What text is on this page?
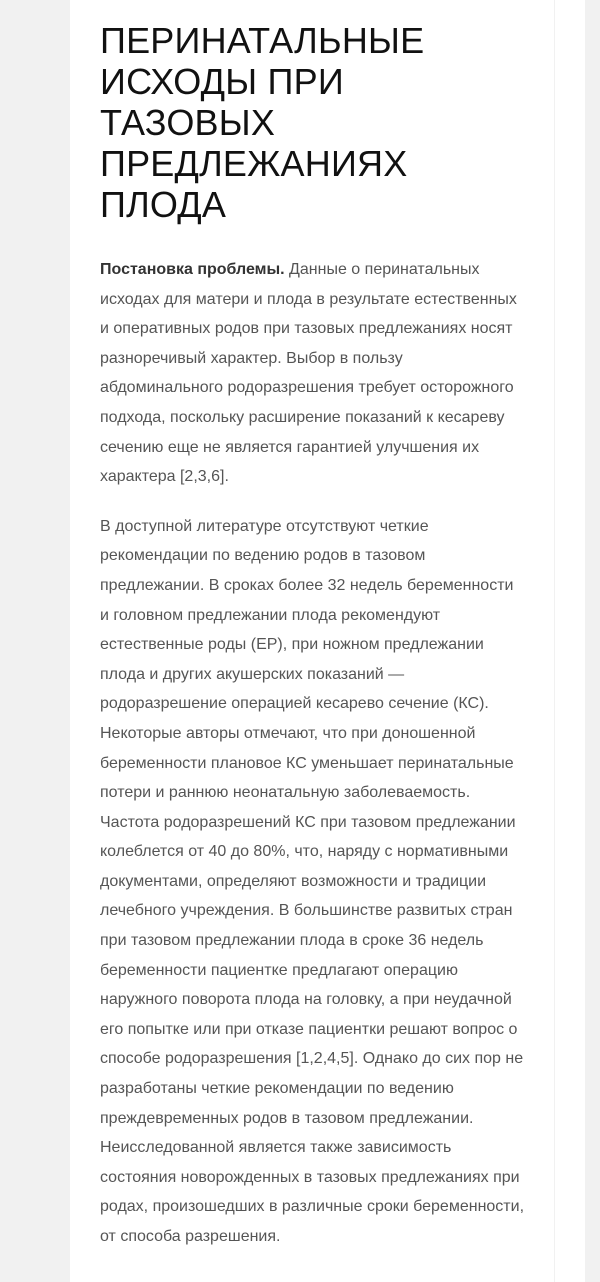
ПЕРИНАТАЛЬНЫЕ ИСХОДЫ ПРИ ТАЗОВЫХ ПРЕДЛЕЖАНИЯХ ПЛОДА

Постановка проблемы. Данные о перинатальных исходах для матери и плода в результате естественных и оперативных родов при тазовых предлежаниях носят разноречивый характер. Выбор в пользу абдоминального родоразрешения требует осторожного подхода, поскольку расширение показаний к кесареву сечению еще не является гарантией улучшения их характера [2,3,6].

В доступной литературе отсутствуют четкие рекомендации по ведению родов в тазовом предлежании. В сроках более 32 недель беременности и головном предлежании плода рекомендуют естественные роды (ЕР), при ножном предлежании плода и других акушерских показаний — родоразрешение операцией кесарево сечение (КС). Некоторые авторы отмечают, что при доношенной беременности плановое КС уменьшает перинатальные потери и раннюю неонатальную заболеваемость. Частота родоразрешений КС при тазовом предлежании колеблется от 40 до 80%, что, наряду с нормативными документами, определяют возможности и традиции лечебного учреждения. В большинстве развитых стран при тазовом предлежании плода в сроке 36 недель беременности пациентке предлагают операцию наружного поворота плода на головку, а при неудачной его попытке или при отказе пациентки решают вопрос о способе родоразрешения [1,2,4,5]. Однако до сих пор не разработаны четкие рекомендации по ведению преждевременных родов в тазовом предлежании. Неисследованной является также зависимость состояния новорожденных в тазовых предлежаниях при родах, произошедших в различные сроки беременности, от способа разрешения.
